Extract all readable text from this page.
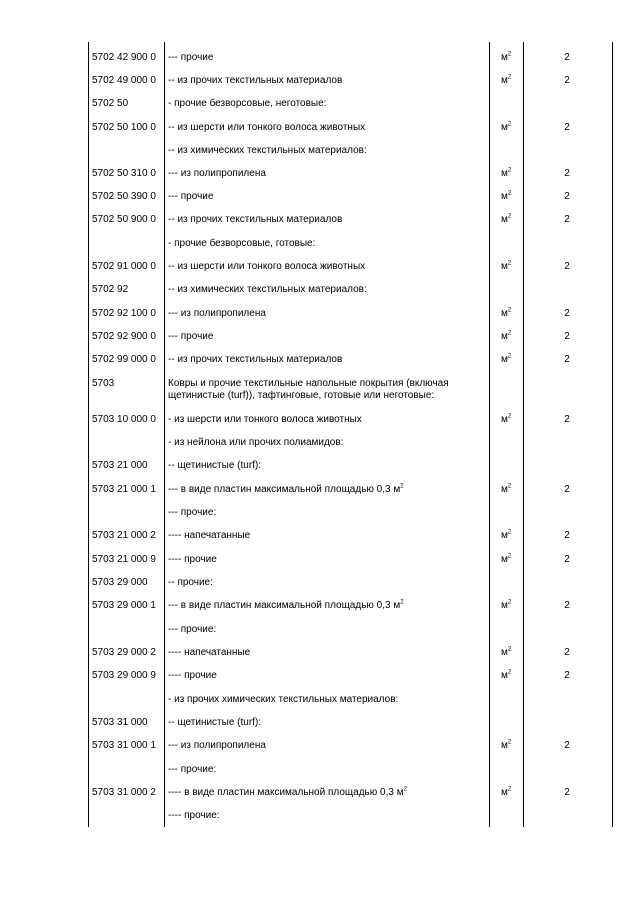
5702 42 900 0	--- прочие	$м^2$	2
5702 49 000 0	-- из прочих текстильных материалов	$м^2$	2
5702 50	- прочие безворсовые, неготовые:
5702 50 100 0	-- из шерсти или тонкого волоса животных	$м^2$	2
-- из химических текстильных материалов:
5702 50 310 0	--- из полипропилена	$м^2$	2
5702 50 390 0	--- прочие	$м^2$	2
5702 50 900 0	-- из прочих текстильных материалов	$м^2$	2
- прочие безворсовые, готовые:
5702 91 000 0	-- из шерсти или тонкого волоса животных	$м^2$	2
5702 92	-- из химических текстильных материалов:
5702 92 100 0	--- из полипропилена	$м^2$	2
5702 92 900 0	--- прочие	$м^2$	2
5702 99 000 0	-- из прочих текстильных материалов	$м^2$	2
5703	Ковры и прочие текстильные напольные покрытия (включая щетинистые (turf)), тафтинговые, готовые или неготовые:
5703 10 000 0	- из шерсти или тонкого волоса животных	$м^2$	2
- из нейлона или прочих полиамидов:
5703 21 000	-- щетинистые (turf):
5703 21 000 1	--- в виде пластин максимальной площадью 0,3 $м^2$	$м^2$	2
--- прочие:
5703 21 000 2	---- напечатанные	$м^2$	2
5703 21 000 9	---- прочие	$м^2$	2
5703 29 000	-- прочие:
5703 29 000 1	--- в виде пластин максимальной площадью 0,3 $м^2$	$м^2$	2
--- прочие:
5703 29 000 2	---- напечатанные	$м^2$	2
5703 29 000 9	---- прочие	$м^2$	2
- из прочих химических текстильных материалов:
5703 31 000	-- щетинистые (turf):
5703 31 000 1	--- из полипропилена	$м^2$	2
--- прочие:
5703 31 000 2	---- в виде пластин максимальной площадью 0,3 $м^2$	$м^2$	2
---- прочие:
